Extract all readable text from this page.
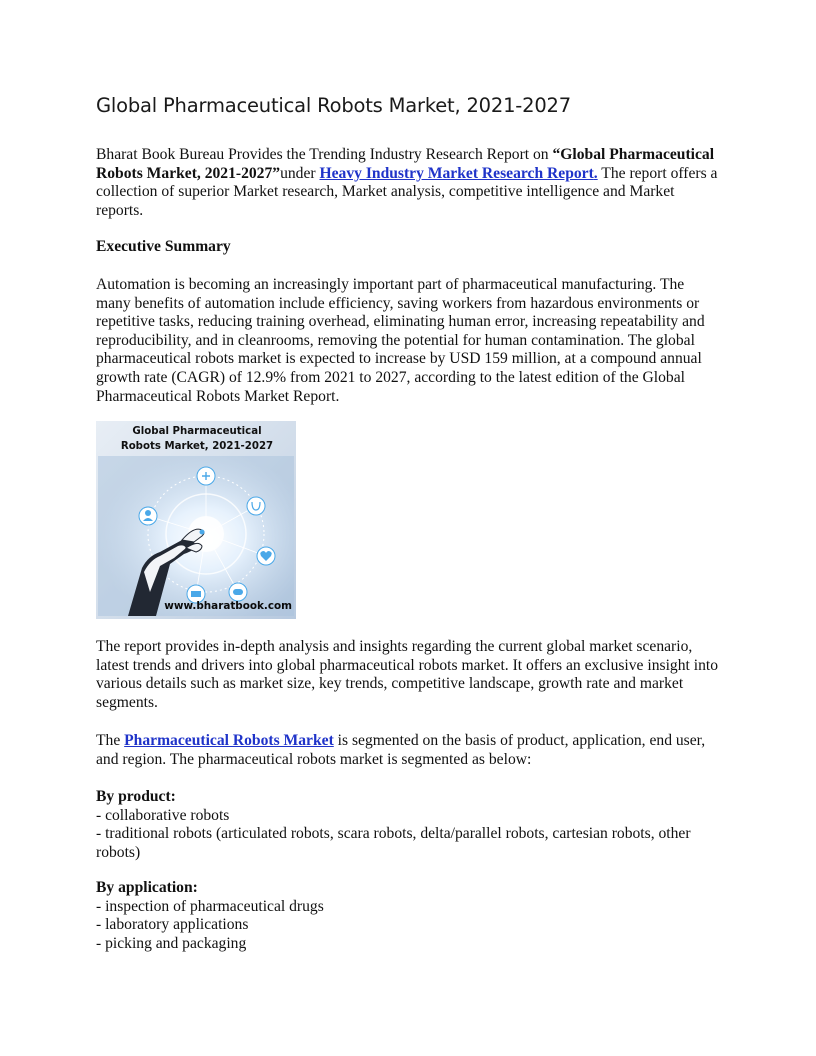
Global Pharmaceutical Robots Market, 2021-2027

Bharat Book Bureau Provides the Trending Industry Research Report on “Global Pharmaceutical Robots Market, 2021-2027”under Heavy Industry Market Research Report. The report offers a collection of superior Market research, Market analysis, competitive intelligence and Market reports.

Executive Summary

Automation is becoming an increasingly important part of pharmaceutical manufacturing. The many benefits of automation include efficiency, saving workers from hazardous environments or repetitive tasks, reducing training overhead, eliminating human error, increasing repeatability and reproducibility, and in cleanrooms, removing the potential for human contamination. The global pharmaceutical robots market is expected to increase by USD 159 million, at a compound annual growth rate (CAGR) of 12.9% from 2021 to 2027, according to the latest edition of the Global Pharmaceutical Robots Market Report.

Global Pharmaceutical
Robots Market, 2021-2027
www.bharatbook.com

The report provides in-depth analysis and insights regarding the current global market scenario, latest trends and drivers into global pharmaceutical robots market. It offers an exclusive insight into various details such as market size, key trends, competitive landscape, growth rate and market segments.

The Pharmaceutical Robots Market is segmented on the basis of product, application, end user, and region. The pharmaceutical robots market is segmented as below:

By product:
- collaborative robots
- traditional robots (articulated robots, scara robots, delta/parallel robots, cartesian robots, other robots)
By application:
- inspection of pharmaceutical drugs
- laboratory applications
- picking and packaging
